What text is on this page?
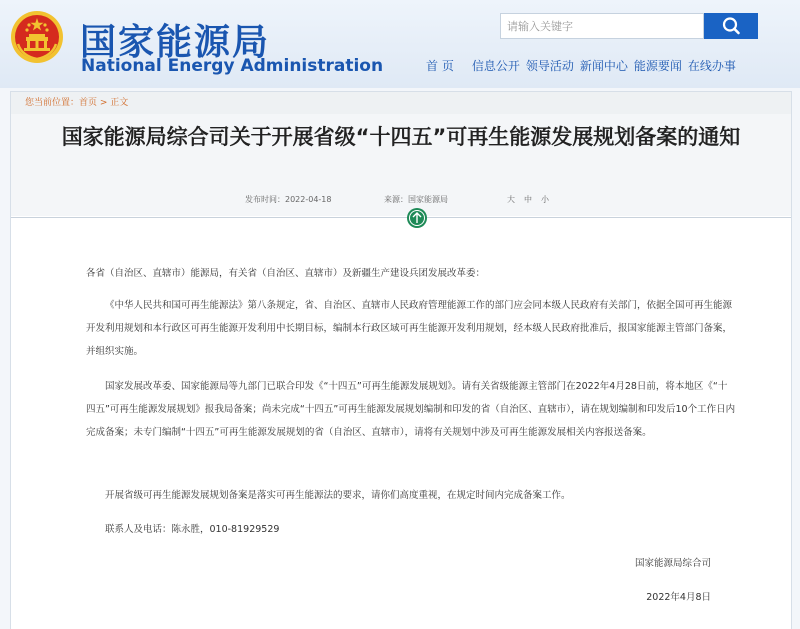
国家能源局
National Energy Administration
请输入关键字	首 页 信息公开 领导活动 新闻中心 能源要闻 在线办事
您当前位置：首页 > 正文
国家能源局综合司关于开展省级“十四五”可再生能源发展规划备案的通知
发布时间：2022-04-18	来源：国家能源局	大 中 小

各省（自治区、直辖市）能源局，有关省（自治区、直辖市）及新疆生产建设兵团发展改革委：

《中华人民共和国可再生能源法》第八条规定，省、自治区、直辖市人民政府管理能源工作的部门应会同本级人民政府有关部门，依据全国可再生能源开发利用规划和本行政区可再生能源开发利用中长期目标，编制本行政区域可再生能源开发利用规划，经本级人民政府批准后，报国家能源主管部门备案，并组织实施。

国家发展改革委、国家能源局等九部门已联合印发《“十四五”可再生能源发展规划》。请有关省级能源主管部门在2022年4月28日前，将本地区《“十四五”可再生能源发展规划》报我局备案；尚未完成“十四五”可再生能源发展规划编制和印发的省（自治区、直辖市），请在规划编制和印发后10个工作日内完成备案；未专门编制“十四五”可再生能源发展规划的省（自治区、直辖市），请将有关规划中涉及可再生能源发展相关内容报送备案。

开展省级可再生能源发展规划备案是落实可再生能源法的要求，请你们高度重视，在规定时间内完成备案工作。

联系人及电话：陈永胜，010-81929529

国家能源局综合司

2022年4月8日
